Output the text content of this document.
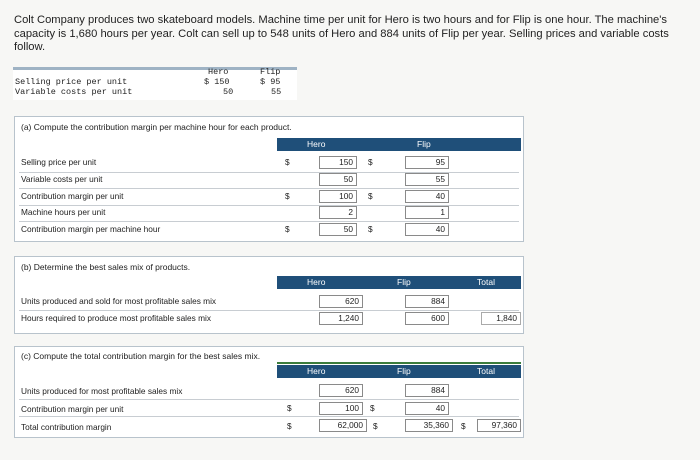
Colt Company produces two skateboard models. Machine time per unit for Hero is two hours and for Flip is one hour. The machine's capacity is 1,680 hours per year. Colt can sell up to 548 units of Hero and 884 units of Flip per year. Selling prices and variable costs follow.
Hero	Flip
Selling price per unit	$ 150	$ 95
Variable costs per unit	50	55
(a) Compute the contribution margin per machine hour for each product.
Hero	Flip
Selling price per unit	$	150	$	95
Variable costs per unit	50	55
Contribution margin per unit	$	100	$	40
Machine hours per unit	2	1
Contribution margin per machine hour	$	50	$	40
(b) Determine the best sales mix of products.
Hero	Flip	Total
Units produced and sold for most profitable sales mix	620	884
Hours required to produce most profitable sales mix	1,240	600	1,840
(c) Compute the total contribution margin for the best sales mix.
Hero	Flip	Total
Units produced for most profitable sales mix	620	884
Contribution margin per unit	$	100	$	40
Total contribution margin	$	62,000	$	35,360	$	97,360
